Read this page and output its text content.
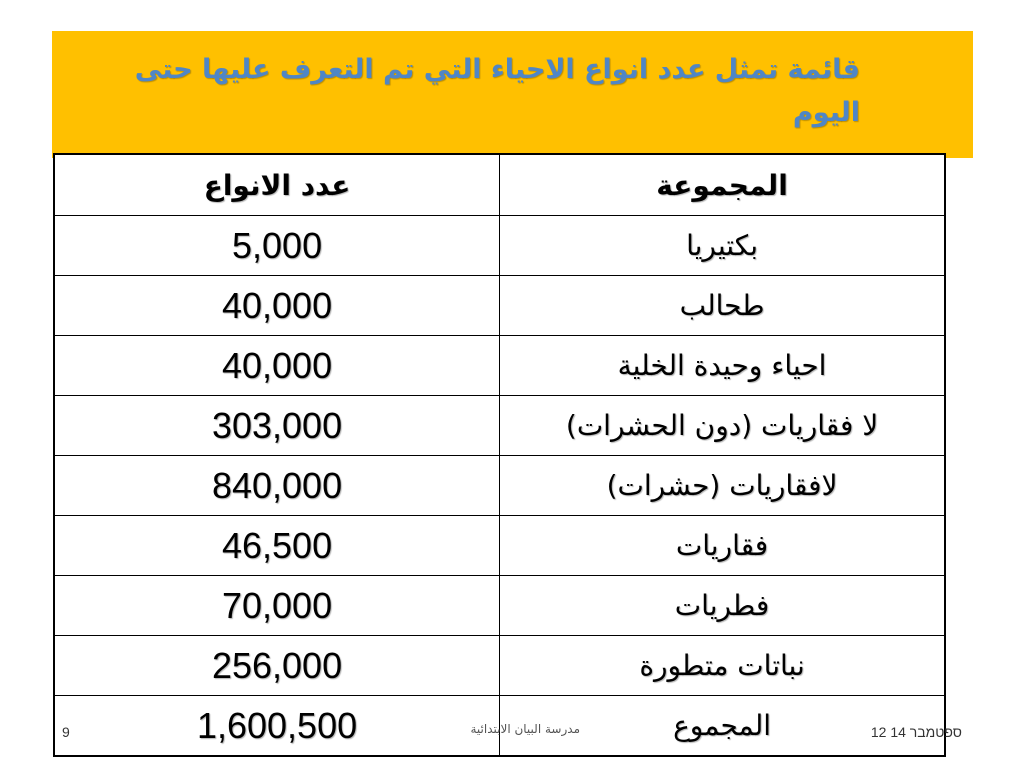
قائمة تمثل عدد انواع الاحياء التي تم التعرف عليها حتى اليوم
عدد الانواع	المجموعة
5,000	بكتيريا
40,000	طحالب
40,000	احياء وحيدة الخلية
303,000	لا فقاريات (دون الحشرات)
840,000	لافقاريات (حشرات)
46,500	فقاريات
70,000	فطريات
256,000	نباتات متطورة
1,600,500	المجموع
9	مدرسة البيان الابتدائية	12 ספטמבר 14
